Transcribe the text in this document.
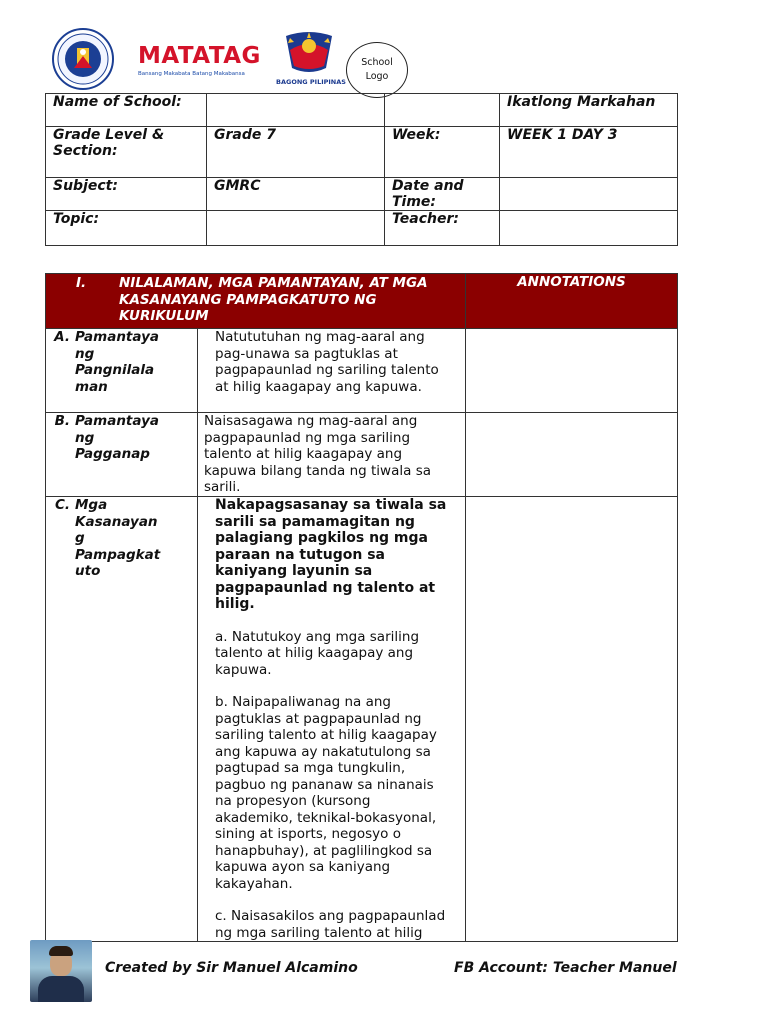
MATATAG
Bansang Makabata Batang Makabansa
BAGONG PILIPINAS
School
Logo
Name of School:			Ikatlong Markahan
Grade Level & Section:	Grade 7	Week:	WEEK 1 DAY 3
Subject:	GMRC	Date and Time:	
Topic:		Teacher:	
I. NILALAMAN, MGA PAMANTAYAN, AT MGA KASANAYANG PAMPAGKATUTO NG KURIKULUM		ANNOTATIONS
A. Pamantaya ng Pangnilala man	Natututuhan ng mag-aaral ang pag-unawa sa pagtuklas at pagpapaunlad ng sariling talento at hilig kaagapay ang kapuwa.	
B. Pamantaya ng Pagganap	Naisasagawa ng mag-aaral ang pagpapaunlad ng mga sariling talento at hilig kaagapay ang kapuwa bilang tanda ng tiwala sa sarili.	
C. Mga Kasanayan g Pampagkat uto	Nakapagsasanay sa tiwala sa sarili sa pamamagitan ng palagiang pagkilos ng mga paraan na tutugon sa kaniyang layunin sa pagpapaunlad ng talento at hilig.
a. Natutukoy ang mga sariling talento at hilig kaagapay ang kapuwa.
b. Naipapaliwanag na ang pagtuklas at pagpapaunlad ng sariling talento at hilig kaagapay ang kapuwa ay nakatutulong sa pagtupad sa mga tungkulin, pagbuo ng pananaw sa ninanais na propesyon (kursong akademiko, teknikal-bokasyonal, sining at isports, negosyo o hanapbuhay), at paglilingkod sa kapuwa ayon sa kaniyang kakayahan.
c. Naisasakilos ang pagpapaunlad ng mga sariling talento at hilig	

Created by Sir Manuel Alcamino	FB Account: Teacher Manuel
